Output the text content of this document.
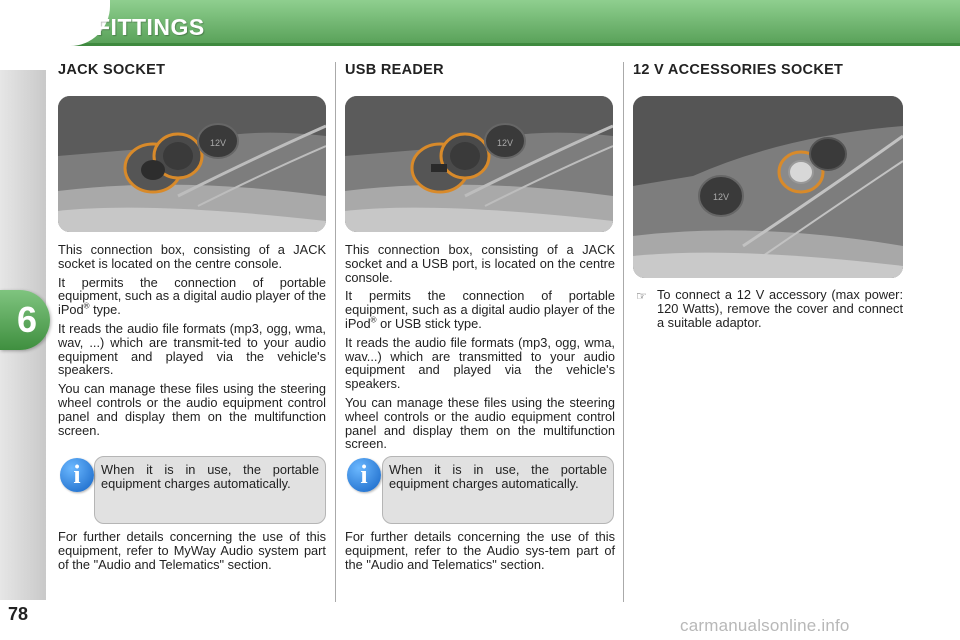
FITTINGS
6
78
JACK SOCKET
12V

This connection box, consisting of a JACK socket is located on the centre console.

It permits the connection of portable equipment, such as a digital audio player of the iPod® type.

It reads the audio file formats (mp3, ogg, wma, wav, ...) which are transmit-ted to your audio equipment and played via the vehicle's speakers.

You can manage these files using the steering wheel controls or the audio equipment control panel and display them on the multifunction screen.

When it is in use, the portable equipment charges automatically.
i
For further details concerning the use of this equipment, refer to MyWay Audio system part of the "Audio and Telematics" section.
USB READER
12V

This connection box, consisting of a JACK socket and a USB port, is located on the centre console.

It permits the connection of portable equipment, such as a digital audio player of the iPod® or USB stick type.

It reads the audio file formats (mp3, ogg, wma, wav...) which are transmitted to your audio equipment and played via the vehicle's speakers.

You can manage these files using the steering wheel controls or the audio equipment control panel and display them on the multifunction screen.

When it is in use, the portable equipment charges automatically.
i
For further details concerning the use of this equipment, refer to the Audio sys-tem part of the "Audio and Telematics" section.
12 V ACCESSORIES SOCKET
12V
☞ To connect a 12 V accessory (max power: 120 Watts), remove the cover and connect a suitable adaptor.
carmanualsonline.info
